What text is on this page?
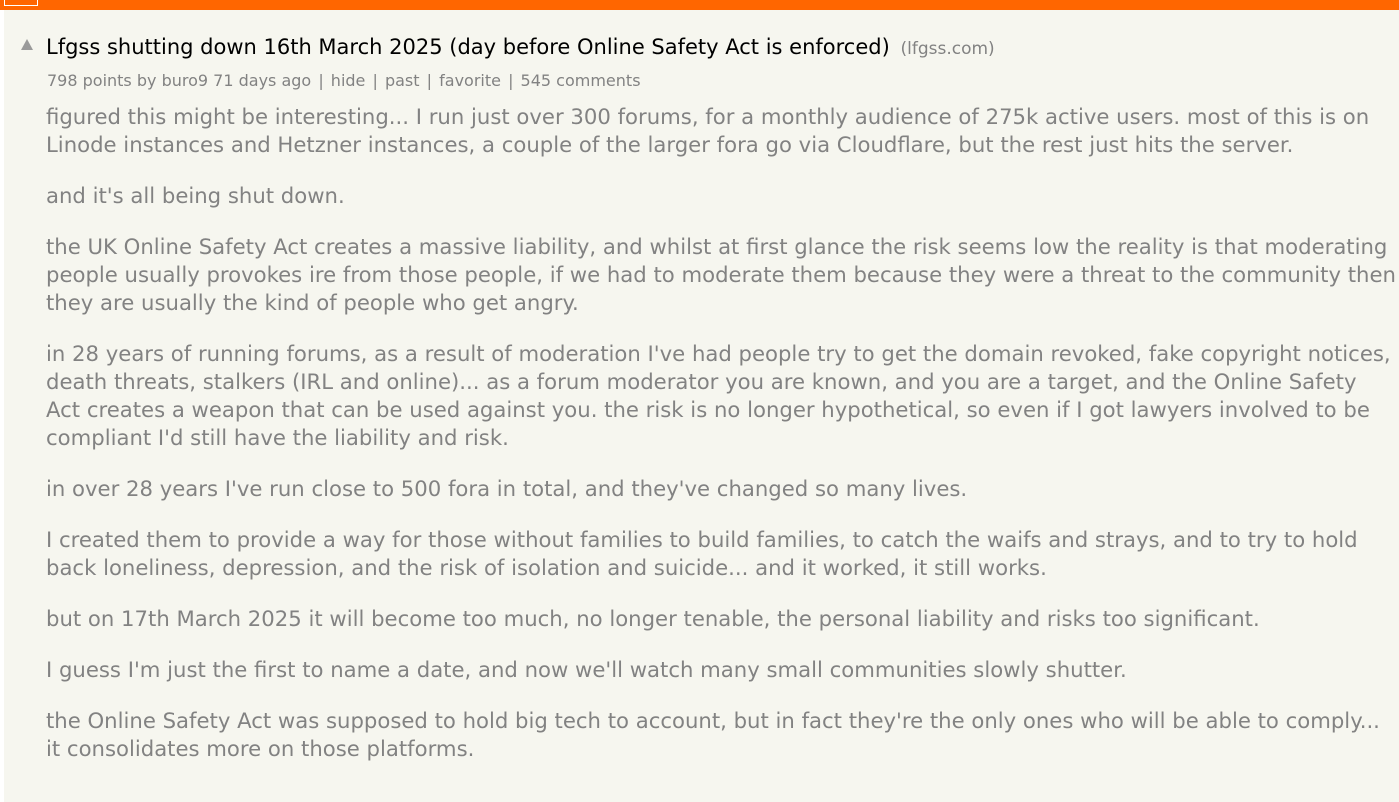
Lfgss shutting down 16th March 2025 (day before Online Safety Act is enforced) (lfgss.com)
798 points by buro9 71 days ago | hide | past | favorite | 545 comments

figured this might be interesting... I run just over 300 forums, for a monthly audience of 275k active users. most of this is on Linode instances and Hetzner instances, a couple of the larger fora go via Cloudflare, but the rest just hits the server.

and it's all being shut down.

the UK Online Safety Act creates a massive liability, and whilst at first glance the risk seems low the reality is that moderating people usually provokes ire from those people, if we had to moderate them because they were a threat to the community then they are usually the kind of people who get angry.

in 28 years of running forums, as a result of moderation I've had people try to get the domain revoked, fake copyright notices, death threats, stalkers (IRL and online)... as a forum moderator you are known, and you are a target, and the Online Safety Act creates a weapon that can be used against you. the risk is no longer hypothetical, so even if I got lawyers involved to be compliant I'd still have the liability and risk.

in over 28 years I've run close to 500 fora in total, and they've changed so many lives.

I created them to provide a way for those without families to build families, to catch the waifs and strays, and to try to hold back loneliness, depression, and the risk of isolation and suicide... and it worked, it still works.

but on 17th March 2025 it will become too much, no longer tenable, the personal liability and risks too significant.

I guess I'm just the first to name a date, and now we'll watch many small communities slowly shutter.

the Online Safety Act was supposed to hold big tech to account, but in fact they're the only ones who will be able to comply... it consolidates more on those platforms.
